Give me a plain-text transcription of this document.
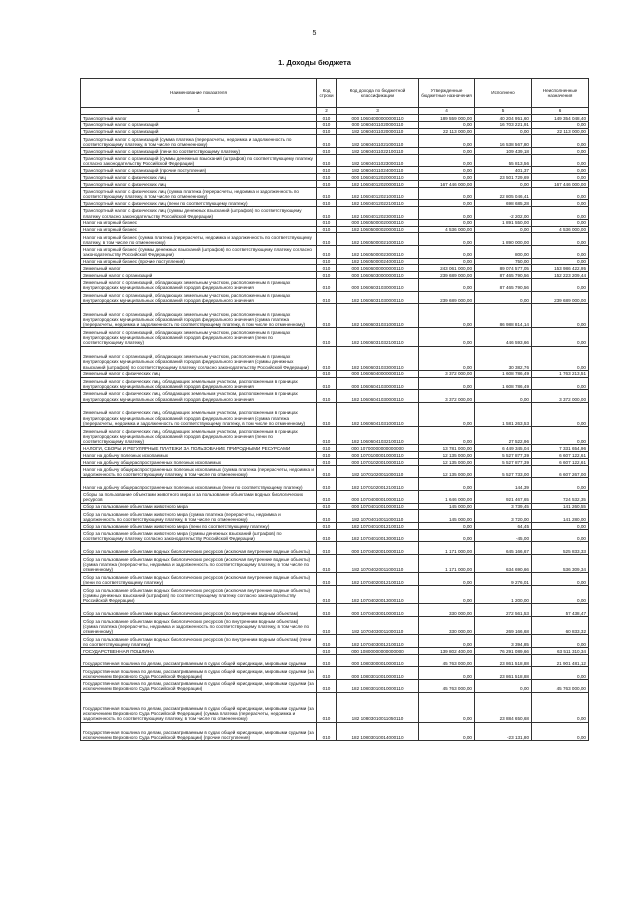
5
1. Доходы бюджета
Наименование показателя	Код строки	Код дохода по бюджетной классификации	Утвержденные бюджетные назначения	Исполнено	Неисполненные назначения
1	2	3	4	5	6
Транспортный налог	010	000 10604000000000110	189 559 000,00	40 204 951,60	149 354 048,40
Транспортный налог с организаций	010	000 10604011020000110	0,00	16 703 221,91	0,00
Транспортный налог с организаций	010	182 10604011020000110	22 113 000,00	0,00	22 113 000,00
Транспортный налог с организаций (сумма платежа (перерасчеты, недоимка и задолженность по соответствующему платежу, в том числе по отмененному)	010	182 10604011021000110	0,00	16 538 567,80	0,00
Транспортный налог с организаций (пени по соответствующему платежу)	010	182 10604011022100110	0,00	109 439,18	0,00
Транспортный налог с организаций (суммы денежных взысканий (штрафов) по соответствующему платежу согласно законодательству Российской Федерации)	010	182 10604011023000110	0,00	55 813,56	0,00
Транспортный налог с организаций (прочие поступления)	010	182 10604011024000110	0,00	401,37	0,00
Транспортный налог с физических лиц	010	000 10604012020000110	0,00	23 501 729,69	0,00
Транспортный налог с физических лиц	010	182 10604012020000110	167 446 000,00	0,00	167 446 000,00
Транспортный налог с физических лиц (сумма платежа (перерасчеты, недоимка и задолженность по соответствующему платежу, в том числе по отмененному)	010	182 10604012021000110	0,00	22 805 046,41	0,00
Транспортный налог с физических лиц (пени по соответствующему платежу)	010	182 10604012022100110	0,00	698 685,28	0,00
Транспортный налог с физических лиц (суммы денежных взысканий (штрафов) по соответствующему платежу согласно законодательству Российской Федерации)	010	182 10604012023000110	0,00	-2 202,00	0,00
Налог на игорный бизнес	010	000 10605000020000110	0,00	1 891 550,00	0,00
Налог на игорный бизнес	010	182 10605000020000110	4 536 000,00	0,00	4 536 000,00
Налог на игорный бизнес (сумма платежа (перерасчеты, недоимка и задолженность по соответствующему платежу, в том числе по отмененному)	010	182 10605000021000110	0,00	1 890 000,00	0,00
Налог на игорный бизнес (суммы денежных взысканий (штрафов) по соответствующему платежу согласно законодательству Российской Федерации)	010	182 10605000023000110	0,00	800,00	0,00
Налог на игорный бизнес (прочие поступления)	010	182 10605000024000110	0,00	750,00	0,00
Земельный налог	010	000 10606000000000110	243 061 000,00	89 074 577,05	153 986 422,95
Земельный налог с организаций	010	000 10606030000000110	239 689 000,00	87 465 790,56	152 223 209,44
Земельный налог с организаций, обладающих земельным участком, расположенным в границах внутригородских муниципальных образований городов федерального значения	010	000 10606031030000110	0,00	87 465 790,56	0,00
Земельный налог с организаций, обладающих земельным участком, расположенным в границах внутригородских муниципальных образований городов федерального значения	010	182 10606031030000110	239 689 000,00	0,00	239 689 000,00
Земельный налог с организаций, обладающих земельным участком, расположенным в границах внутригородских муниципальных образований городов федерального значения (сумма платежа (перерасчеты, недоимка и задолженность по соответствующему платежу, в том числе по отмененному)	010	182 10606031031000110	0,00	86 988 814,14	0,00
Земельный налог с организаций, обладающих земельным участком, расположенным в границах внутригородских муниципальных образований городов федерального значения (пени по соответствующему платежу)	010	182 10606031032100110	0,00	446 593,66	0,00
Земельный налог с организаций, обладающих земельным участком, расположенным в границах внутригородских муниципальных образований городов федерального значения (суммы денежных взысканий (штрафов) по соответствующему платежу согласно законодательству Российской Федерации)	010	182 10606031033000110	0,00	30 382,76	0,00
Земельный налог с физических лиц	010	000 10606040000000110	3 372 000,00	1 608 786,49	1 763 213,51
Земельный налог с физических лиц, обладающих земельным участком, расположенным в границах внутригородских муниципальных образований городов федерального значения	010	000 10606041030000110	0,00	1 608 786,49	0,00
Земельный налог с физических лиц, обладающих земельным участком, расположенным в границах внутригородских муниципальных образований городов федерального значения	010	182 10606041030000110	3 372 000,00	0,00	3 372 000,00
Земельный налог с физических лиц, обладающих земельным участком, расположенным в границах внутригородских муниципальных образований городов федерального значения (сумма платежа (перерасчеты, недоимка и задолженность по соответствующему платежу, в том числе по отмененному)	010	182 10606041031000110	0,00	1 581 263,53	0,00
Земельный налог с физических лиц, обладающих земельным участком, расположенным в границах внутригородских муниципальных образований городов федерального значения (пени по соответствующему платежу)	010	182 10606041032100110	0,00	27 522,96	0,00
НАЛОГИ, СБОРЫ И РЕГУЛЯРНЫЕ ПЛАТЕЖИ ЗА ПОЛЬЗОВАНИЕ ПРИРОДНЫМИ РЕСУРСАМИ	010	000 10700000000000000	13 781 000,00	6 449 345,04	7 331 654,96
Налог на добычу полезных ископаемых	010	000 10701000010000110	12 135 000,00	5 527 877,39	6 607 122,61
Налог на добычу общераспространенных полезных ископаемых	010	000 10701020010000110	12 135 000,00	5 527 877,39	6 607 122,61
Налог на добычу общераспространенных полезных ископаемых (сумма платежа (перерасчеты, недоимка и задолженность по соответствующему платежу, в том числе по отмененному)	010	182 10701020011000110	12 135 000,00	5 527 733,00	6 607 267,00
Налог на добычу общераспространенных полезных ископаемых (пени по соответствующему платежу)	010	182 10701020012100110	0,00	144,39	0,00
Сборы за пользование объектами животного мира и за пользование объектами водных биологических ресурсов	010	000 10704000010000110	1 646 000,00	921 467,65	724 532,35
Сбор за пользование объектами животного мира	010	000 10704010010000110	145 000,00	3 739,45	141 260,55
Сбор за пользование объектами животного мира (сумма платежа (перерасчеты, недоимка и задолженность по соответствующему платежу, в том числе по отмененному)	010	182 10704010011000110	145 000,00	3 720,00	141 280,00
Сбор за пользование объектами животного мира (пени по соответствующему платежу)	010	182 10704010012100110	0,00	64,45	0,00
Сбор за пользование объектами животного мира (суммы денежных взысканий (штрафов) по соответствующему платежу согласно законодательству Российской Федерации)	010	182 10704010013000110	0,00	-45,00	0,00
Сбор за пользование объектами водных биологических ресурсов (исключая внутренние водные объекты)	010	000 10704020010000110	1 171 000,00	645 166,67	525 833,33
Сбор за пользование объектами водных биологических ресурсов (исключая внутренние водные объекты) (сумма платежа (перерасчеты, недоимка и задолженность по соответствующему платежу, в том числе по отмененному)	010	182 10704020011000110	1 171 000,00	634 690,66	536 309,34
Сбор за пользование объектами водных биологических ресурсов (исключая внутренние водные объекты) (пени по соответствующему платежу)	010	182 10704020012100110	0,00	9 276,01	0,00
Сбор за пользование объектами водных биологических ресурсов (исключая внутренние водные объекты) (суммы денежных взысканий (штрафов) по соответствующему платежу согласно законодательству Российской Федерации)	010	182 10704020013000110	0,00	1 200,00	0,00
Сбор за пользование объектами водных биологических ресурсов (по внутренним водным объектам)	010	000 10704030010000110	330 000,00	272 561,53	57 438,47
Сбор за пользование объектами водных биологических ресурсов (по внутренним водным объектам) (сумма платежа (перерасчеты, недоимка и задолженность по соответствующему платежу, в том числе по отмененному)	010	182 10704030011000110	330 000,00	269 166,68	60 833,32
Сбор за пользование объектами водных биологических ресурсов (по внутренним водным объектам) (пени по соответствующему платежу)	010	182 10704030012100110	0,00	3 394,85	0,00
ГОСУДАРСТВЕННАЯ ПОШЛИНА	010	000 10800000000000000	139 802 400,00	76 291 089,66	63 511 310,34
Государственная пошлина по делам, рассматриваемым в судах общей юрисдикции, мировыми судьями	010	000 10803000010000110	45 763 000,00	23 861 518,88	21 901 481,12
Государственная пошлина по делам, рассматриваемым в судах общей юрисдикции, мировыми судьями (за исключением Верховного Суда Российской Федерации)	010	000 10803010010000110	0,00	23 861 518,88	0,00
Государственная пошлина по делам, рассматриваемым в судах общей юрисдикции, мировыми судьями (за исключением Верховного Суда Российской Федерации)	010	182 10803010010000110	45 763 000,00	0,00	45 763 000,00
Государственная пошлина по делам, рассматриваемым в судах общей юрисдикции, мировыми судьями (за исключением Верховного Суда Российской Федерации) (сумма платежа (перерасчеты, недоимка и задолженность по соответствующему платежу, в том числе по отмененному)	010	182 10803010011050110	0,00	23 884 650,68	0,00
Государственная пошлина по делам, рассматриваемым в судах общей юрисдикции, мировыми судьями (за исключением Верховного Суда Российской Федерации) (прочие поступления)	010	182 10803010014000110	0,00	-23 131,80	0,00
